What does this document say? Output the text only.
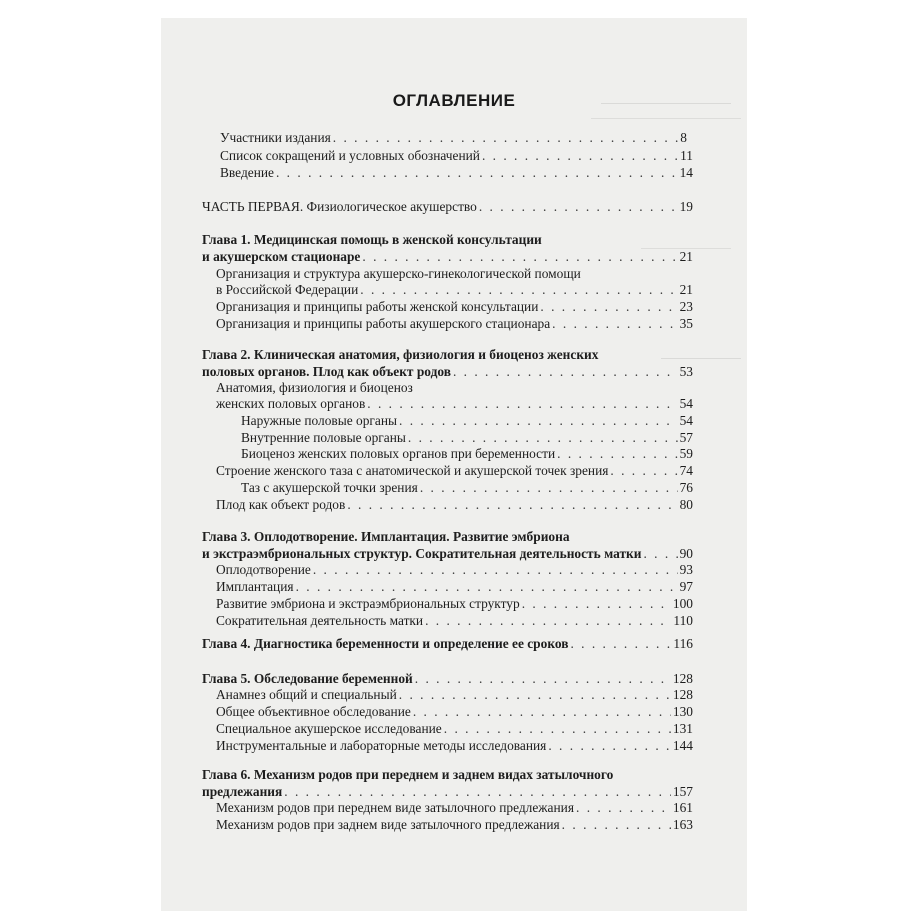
ОГЛАВЛЕНИЕ
Участники издания . . .	8
Список сокращений и условных обозначений . . .	11
Введение . . .	14
ЧАСТЬ ПЕРВАЯ. Физиологическое акушерство . . .	19
Глава 1. Медицинская помощь в женской консультации
и акушерском стационаре . . .	21
Организация и структура акушерско-гинекологической помощи
в Российской Федерации . . .	21
Организация и принципы работы женской консультации . . .	23
Организация и принципы работы акушерского стационара . . .	35
Глава 2. Клиническая анатомия, физиология и биоценоз женских
половых органов. Плод как объект родов . . .	53
Анатомия, физиология и биоценоз
женских половых органов . . .	54
Наружные половые органы . . .	54
Внутренние половые органы . . .	57
Биоценоз женских половых органов при беременности . . .	59
Строение женского таза с анатомической и акушерской точек зрения . . .	74
Таз с акушерской точки зрения . . .	76
Плод как объект родов . . .	80
Глава 3. Оплодотворение. Имплантация. Развитие эмбриона
и экстраэмбриональных структур. Сократительная деятельность матки . . .	90
Оплодотворение . . .	93
Имплантация . . .	97
Развитие эмбриона и экстраэмбриональных структур . . .	100
Сократительная деятельность матки . . .	110
Глава 4. Диагностика беременности и определение ее сроков . . .	116
Глава 5. Обследование беременной . . .	128
Анамнез общий и специальный . . .	128
Общее объективное обследование . . .	130
Специальное акушерское исследование . . .	131
Инструментальные и лабораторные методы исследования . . .	144
Глава 6. Механизм родов при переднем и заднем видах затылочного
предлежания . . .	157
Механизм родов при переднем виде затылочного предлежания . . .	161
Механизм родов при заднем виде затылочного предлежания . . .	163
